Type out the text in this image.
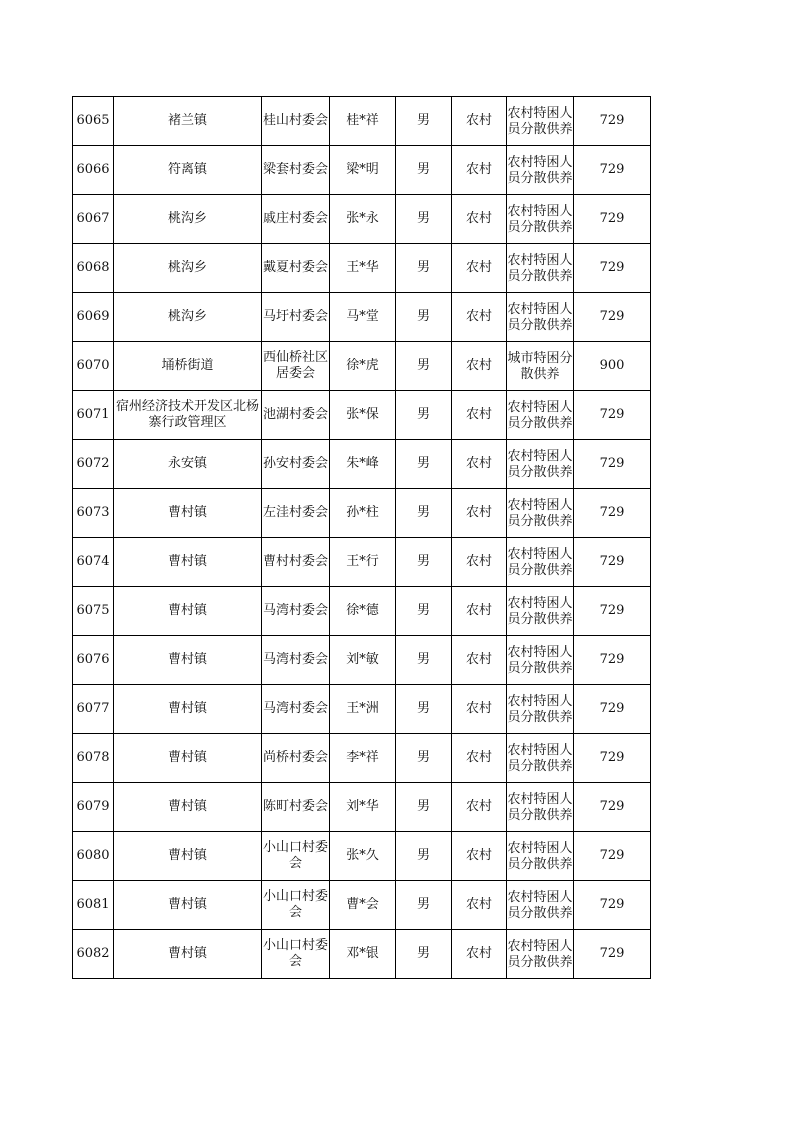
6065	褚兰镇	桂山村委会	桂*祥	男	农村	农村特困人员分散供养	729

6066	符离镇	梁套村委会	梁*明	男	农村	农村特困人员分散供养	729

6067	桃沟乡	戚庄村委会	张*永	男	农村	农村特困人员分散供养	729

6068	桃沟乡	戴夏村委会	王*华	男	农村	农村特困人员分散供养	729

6069	桃沟乡	马圩村委会	马*堂	男	农村	农村特困人员分散供养	729

6070	埇桥街道	西仙桥社区居委会	徐*虎	男	农村	城市特困分散供养	900

6071	宿州经济技术开发区北杨寨行政管理区	池湖村委会	张*保	男	农村	农村特困人员分散供养	729

6072	永安镇	孙安村委会	朱*峰	男	农村	农村特困人员分散供养	729

6073	曹村镇	左洼村委会	孙*柱	男	农村	农村特困人员分散供养	729

6074	曹村镇	曹村村委会	王*行	男	农村	农村特困人员分散供养	729

6075	曹村镇	马湾村委会	徐*德	男	农村	农村特困人员分散供养	729

6076	曹村镇	马湾村委会	刘*敏	男	农村	农村特困人员分散供养	729

6077	曹村镇	马湾村委会	王*洲	男	农村	农村特困人员分散供养	729

6078	曹村镇	尚桥村委会	李*祥	男	农村	农村特困人员分散供养	729

6079	曹村镇	陈町村委会	刘*华	男	农村	农村特困人员分散供养	729

6080	曹村镇	小山口村委会	张*久	男	农村	农村特困人员分散供养	729

6081	曹村镇	小山口村委会	曹*会	男	农村	农村特困人员分散供养	729

6082	曹村镇	小山口村委会	邓*银	男	农村	农村特困人员分散供养	729
